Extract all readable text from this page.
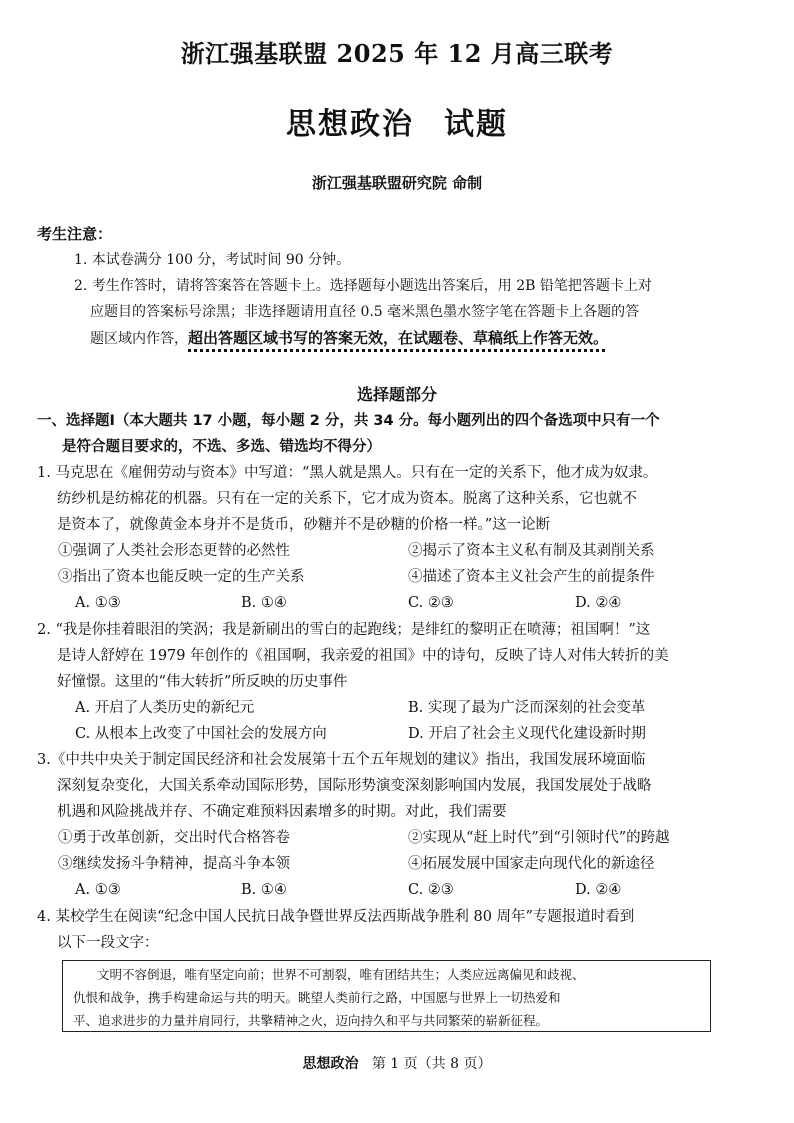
浙江强基联盟 2025 年 12 月高三联考
思想政治 试题
浙江强基联盟研究院 命制
考生注意：
1. 本试卷满分 100 分，考试时间 90 分钟。
2. 考生作答时，请将答案答在答题卡上。选择题每小题选出答案后，用 2B 铅笔把答题卡上对
应题目的答案标号涂黑；非选择题请用直径 0.5 毫米黑色墨水签字笔在答题卡上各题的答
题区域内作答，超出答题区域书写的答案无效，在试题卷、草稿纸上作答无效。
选择题部分
一、选择题Ⅰ（本大题共 17 小题，每小题 2 分，共 34 分。每小题列出的四个备选项中只有一个
是符合题目要求的，不选、多选、错选均不得分）
1. 马克思在《雇佣劳动与资本》中写道：“黑人就是黑人。只有在一定的关系下，他才成为奴隶。
纺纱机是纺棉花的机器。只有在一定的关系下，它才成为资本。脱离了这种关系，它也就不
是资本了，就像黄金本身并不是货币，砂糖并不是砂糖的价格一样。”这一论断
①强调了人类社会形态更替的必然性	②揭示了资本主义私有制及其剥削关系
③指出了资本也能反映一定的生产关系	④描述了资本主义社会产生的前提条件
A. ①③	B. ①④	C. ②③	D. ②④
2. “我是你挂着眼泪的笑涡；我是新刷出的雪白的起跑线；是绯红的黎明正在喷薄；祖国啊！”这
是诗人舒婷在 1979 年创作的《祖国啊，我亲爱的祖国》中的诗句，反映了诗人对伟大转折的美
好憧憬。这里的“伟大转折”所反映的历史事件
A. 开启了人类历史的新纪元	B. 实现了最为广泛而深刻的社会变革
C. 从根本上改变了中国社会的发展方向	D. 开启了社会主义现代化建设新时期
3.《中共中央关于制定国民经济和社会发展第十五个五年规划的建议》指出，我国发展环境面临
深刻复杂变化，大国关系牵动国际形势，国际形势演变深刻影响国内发展，我国发展处于战略
机遇和风险挑战并存、不确定难预料因素增多的时期。对此，我们需要
①勇于改革创新，交出时代合格答卷	②实现从“赶上时代”到“引领时代”的跨越
③继续发扬斗争精神，提高斗争本领	④拓展发展中国家走向现代化的新途径
A. ①③	B. ①④	C. ②③	D. ②④
4. 某校学生在阅读“纪念中国人民抗日战争暨世界反法西斯战争胜利 80 周年”专题报道时看到
以下一段文字：
文明不容倒退，唯有坚定向前；世界不可割裂，唯有团结共生；人类应远离偏见和歧视、
仇恨和战争，携手构建命运与共的明天。眺望人类前行之路，中国愿与世界上一切热爱和
平、追求进步的力量并肩同行，共擎精神之火，迈向持久和平与共同繁荣的崭新征程。
思想政治 第 1 页（共 8 页）
